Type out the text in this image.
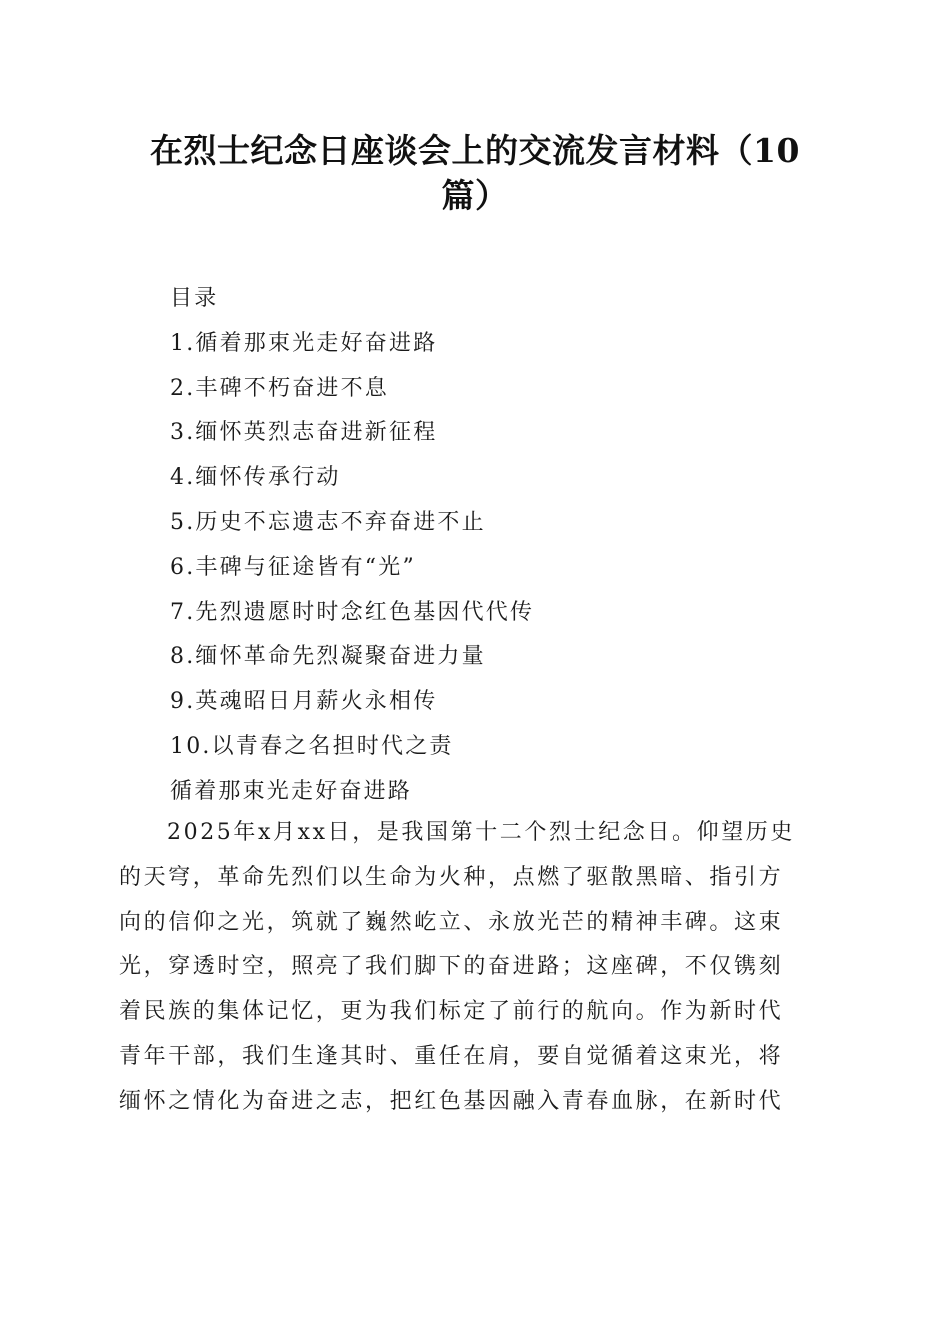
在烈士纪念日座谈会上的交流发言材料（10
篇）
目录
1.循着那束光走好奋进路
2.丰碑不朽奋进不息
3.缅怀英烈志奋进新征程
4.缅怀传承行动
5.历史不忘遗志不弃奋进不止
6.丰碑与征途皆有“光”
7.先烈遗愿时时念红色基因代代传
8.缅怀革命先烈凝聚奋进力量
9.英魂昭日月薪火永相传
10.以青春之名担时代之责
循着那束光走好奋进路

2025年x月xx日，是我国第十二个烈士纪念日。仰望历史
的天穹，革命先烈们以生命为火种，点燃了驱散黑暗、指引方
向的信仰之光，筑就了巍然屹立、永放光芒的精神丰碑。这束
光，穿透时空，照亮了我们脚下的奋进路；这座碑，不仅镌刻
着民族的集体记忆，更为我们标定了前行的航向。作为新时代
青年干部，我们生逢其时、重任在肩，要自觉循着这束光，将
缅怀之情化为奋进之志，把红色基因融入青春血脉，在新时代
